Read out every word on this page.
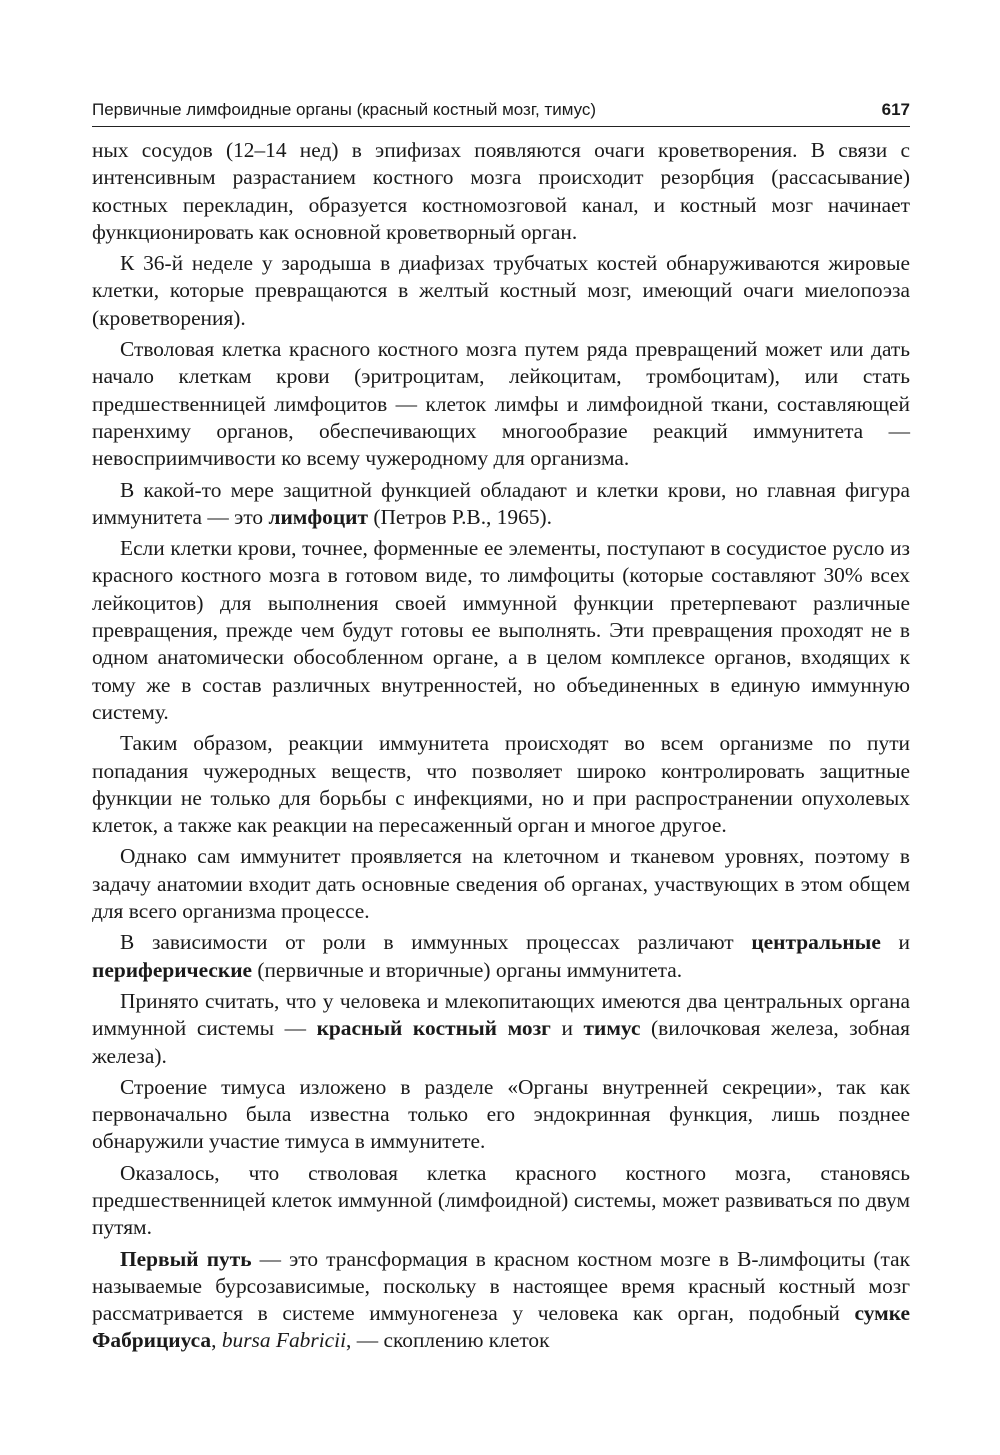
Первичные лимфоидные органы (красный костный мозг, тимус)	617

ных сосудов (12–14 нед) в эпифизах появляются очаги кроветворения. В связи с интенсивным разрастанием костного мозга происходит резорбция (рассасывание) костных перекладин, образуется костномозговой канал, и костный мозг начинает функционировать как основной кроветворный орган.

К 36-й неделе у зародыша в диафизах трубчатых костей обнаруживаются жировые клетки, которые превращаются в желтый костный мозг, имеющий очаги миелопоэза (кроветворения).

Стволовая клетка красного костного мозга путем ряда превращений может или дать начало клеткам крови (эритроцитам, лейкоцитам, тромбоцитам), или стать предшественницей лимфоцитов — клеток лимфы и лимфоидной ткани, составляющей паренхиму органов, обеспечивающих многообразие реакций иммунитета — невосприимчивости ко всему чужеродному для организма.

В какой-то мере защитной функцией обладают и клетки крови, но главная фигура иммунитета — это лимфоцит (Петров Р.В., 1965).

Если клетки крови, точнее, форменные ее элементы, поступают в сосудистое русло из красного костного мозга в готовом виде, то лимфоциты (которые составляют 30% всех лейкоцитов) для выполнения своей иммунной функции претерпевают различные превращения, прежде чем будут готовы ее выполнять. Эти превращения проходят не в одном анатомически обособленном органе, а в целом комплексе органов, входящих к тому же в состав различных внутренностей, но объединенных в единую иммунную систему.

Таким образом, реакции иммунитета происходят во всем организме по пути попадания чужеродных веществ, что позволяет широко контролировать защитные функции не только для борьбы с инфекциями, но и при распространении опухолевых клеток, а также как реакции на пересаженный орган и многое другое.

Однако сам иммунитет проявляется на клеточном и тканевом уровнях, поэтому в задачу анатомии входит дать основные сведения об органах, участвующих в этом общем для всего организма процессе.

В зависимости от роли в иммунных процессах различают центральные и периферические (первичные и вторичные) органы иммунитета.

Принято считать, что у человека и млекопитающих имеются два центральных органа иммунной системы — красный костный мозг и тимус (вилочковая железа, зобная железа).

Строение тимуса изложено в разделе «Органы внутренней секреции», так как первоначально была известна только его эндокринная функция, лишь позднее обнаружили участие тимуса в иммунитете.

Оказалось, что стволовая клетка красного костного мозга, становясь предшественницей клеток иммунной (лимфоидной) системы, может развиваться по двум путям.

Первый путь — это трансформация в красном костном мозге в В-лимфоциты (так называемые бурсозависимые, поскольку в настоящее время красный костный мозг рассматривается в системе иммуногенеза у человека как орган, подобный сумке Фабрициуса, bursa Fabricii, — скоплению клеток
